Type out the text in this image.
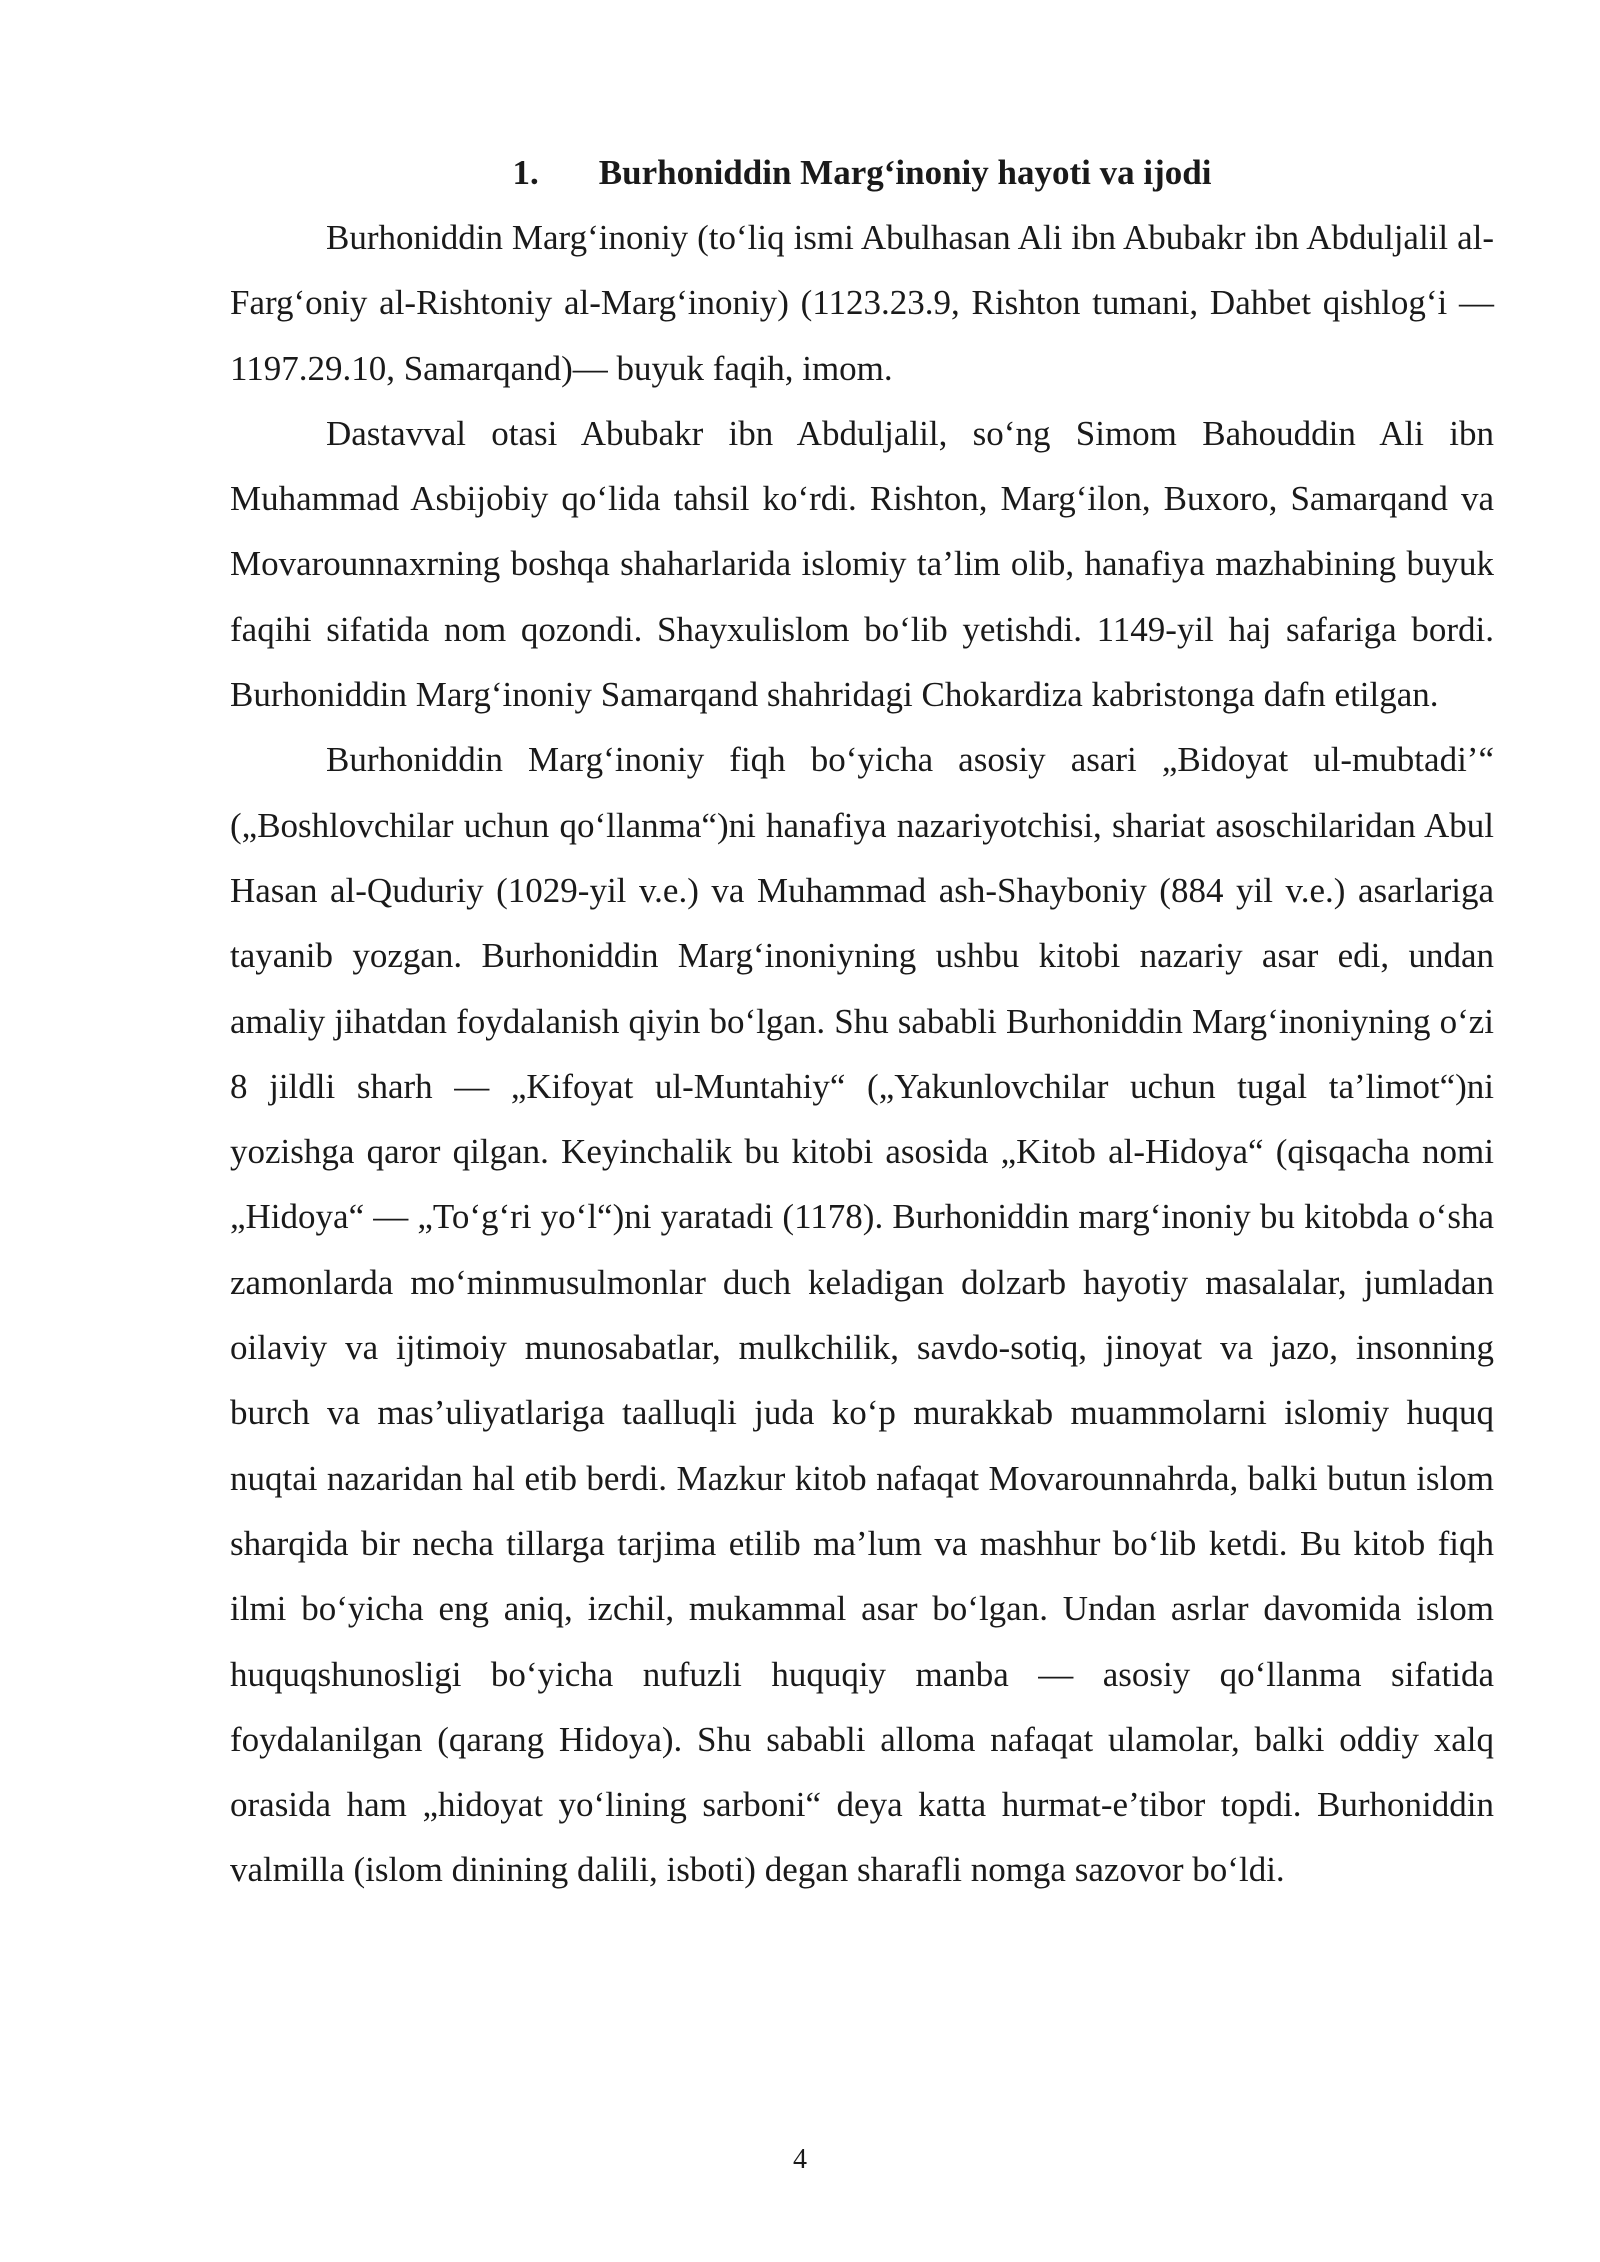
1. Burhoniddin Marg‘inoniy hayoti va ijodi

Burhoniddin Marg‘inoniy (to‘liq ismi Abulhasan Ali ibn Abubakr ibn Abduljalil al-Farg‘oniy al-Rishtoniy al-Marg‘inoniy) (1123.23.9, Rishton tumani, Dahbet qishlog‘i — 1197.29.10, Samarqand)— buyuk faqih, imom.

Dastavval otasi Abubakr ibn Abduljalil, so‘ng Simom Bahouddin Ali ibn Muhammad Asbijobiy qo‘lida tahsil ko‘rdi. Rishton, Marg‘ilon, Buxoro, Samarqand va Movarounnaxrning boshqa shaharlarida islomiy ta’lim olib, hanafiya mazhabining buyuk faqihi sifatida nom qozondi. Shayxulislom bo‘lib yetishdi. 1149-yil haj safariga bordi. Burhoniddin Marg‘inoniy Samarqand shahridagi Chokardiza kabristonga dafn etilgan.

Burhoniddin Marg‘inoniy fiqh bo‘yicha asosiy asari „Bidoyat ul-mubtadi’“ („Boshlovchilar uchun qo‘llanma“)ni hanafiya nazariyotchisi, shariat asoschilaridan Abul Hasan al-Quduriy (1029-yil v.e.) va Muhammad ash-Shayboniy (884 yil v.e.) asarlariga tayanib yozgan. Burhoniddin Marg‘inoniyning ushbu kitobi nazariy asar edi, undan amaliy jihatdan foydalanish qiyin bo‘lgan. Shu sababli Burhoniddin Marg‘inoniyning o‘zi 8 jildli sharh — „Kifoyat ul-Muntahiy“ („Yakunlovchilar uchun tugal ta’limot“)ni yozishga qaror qilgan. Keyinchalik bu kitobi asosida „Kitob al-Hidoya“ (qisqacha nomi „Hidoya“ — „To‘g‘ri yo‘l“)ni yaratadi (1178). Burhoniddin marg‘inoniy bu kitobda o‘sha zamonlarda mo‘minmusulmonlar duch keladigan dolzarb hayotiy masalalar, jumladan oilaviy va ijtimoiy munosabatlar, mulkchilik, savdo-sotiq, jinoyat va jazo, insonning burch va mas’uliyatlariga taalluqli juda ko‘p murakkab muammolarni islomiy huquq nuqtai nazaridan hal etib berdi. Mazkur kitob nafaqat Movarounnahrda, balki butun islom sharqida bir necha tillarga tarjima etilib ma’lum va mashhur bo‘lib ketdi. Bu kitob fiqh ilmi bo‘yicha eng aniq, izchil, mukammal asar bo‘lgan. Undan asrlar davomida islom huquqshunosligi bo‘yicha nufuzli huquqiy manba — asosiy qo‘llanma sifatida foydalanilgan (qarang Hidoya). Shu sababli alloma nafaqat ulamolar, balki oddiy xalq orasida ham „hidoyat yo‘lining sarboni“ deya katta hurmat-e’tibor topdi. Burhoniddin valmilla (islom dinining dalili, isboti) degan sharafli nomga sazovor bo‘ldi.

4
